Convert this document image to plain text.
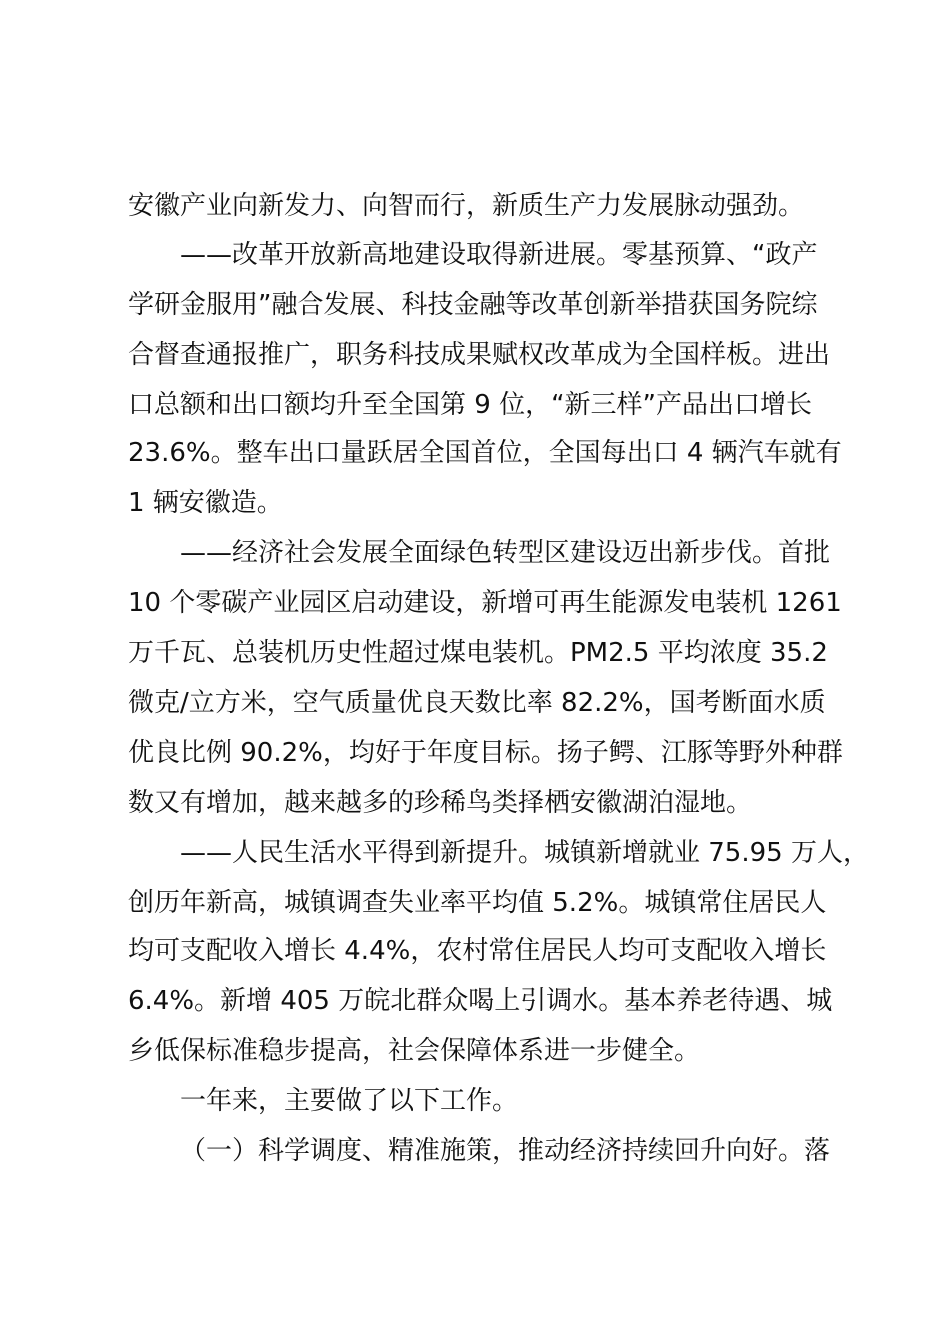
安徽产业向新发力、向智而行，新质生产力发展脉动强劲。
——改革开放新高地建设取得新进展。零基预算、“政产
学研金服用”融合发展、科技金融等改革创新举措获国务院综
合督查通报推广，职务科技成果赋权改革成为全国样板。进出
口总额和出口额均升至全国第 9 位，“新三样”产品出口增长
23.6%。整车出口量跃居全国首位，全国每出口 4 辆汽车就有
1 辆安徽造。
——经济社会发展全面绿色转型区建设迈出新步伐。首批
10 个零碳产业园区启动建设，新增可再生能源发电装机 1261
万千瓦、总装机历史性超过煤电装机。PM2.5 平均浓度 35.2
微克/立方米，空气质量优良天数比率 82.2%，国考断面水质
优良比例 90.2%，均好于年度目标。扬子鳄、江豚等野外种群
数又有增加，越来越多的珍稀鸟类择栖安徽湖泊湿地。
——人民生活水平得到新提升。城镇新增就业 75.95 万人，
创历年新高，城镇调查失业率平均值 5.2%。城镇常住居民人
均可支配收入增长 4.4%，农村常住居民人均可支配收入增长
6.4%。新增 405 万皖北群众喝上引调水。基本养老待遇、城
乡低保标准稳步提高，社会保障体系进一步健全。
一年来，主要做了以下工作。
（一）科学调度、精准施策，推动经济持续回升向好。落
